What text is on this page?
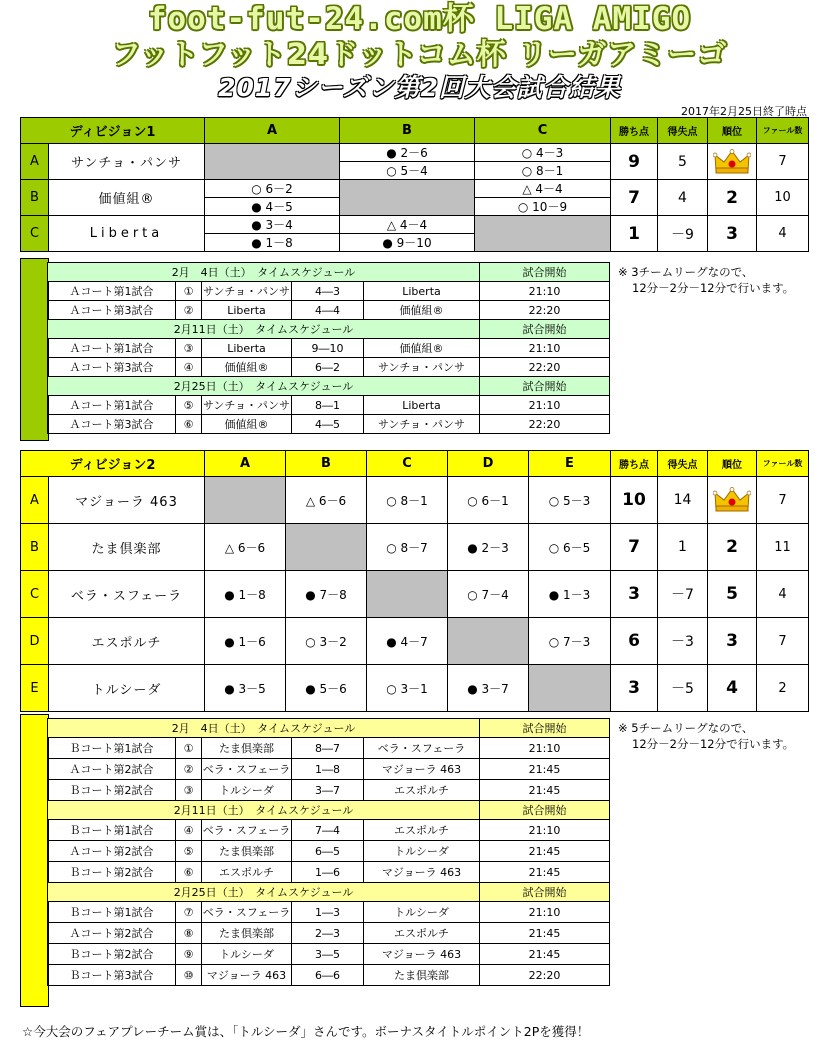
foot-fut-24.com杯 LIGA AMIGO
フットフット24ドットコム杯 リーガアミーゴ
2017シーズン第2回大会試合結果
2017年2月25日終了時点
ディビジョン1		A	B	C	勝ち点	得失点	順位	ファール数
A	サンチョ・パンサ		● 2－6	○ 4－3	9	5		7
			○ 5－4	○ 8－1				
B	価値組®	○ 6－2		△ 4－4	7	4	2	10
		● 4－5		○ 10－9				
C	Liberta	● 3－4	△ 4－4		1	－9	3	4
		● 1－8	● 9－10					
2月　4日（土）　タイムスケジュール					試合開始
Ａコート第1試合	①	サンチョ・パンサ	4―3	Liberta	21:10
Ａコート第3試合	②	Liberta	4―4	価値組®	22:20
2月11日（土）　タイムスケジュール					試合開始
Ａコート第1試合	③	Liberta	9―10	価値組®	21:10
Ａコート第3試合	④	価値組®	6―2	サンチョ・パンサ	22:20
2月25日（土）　タイムスケジュール					試合開始
Ａコート第1試合	⑤	サンチョ・パンサ	8―1	Liberta	21:10
Ａコート第3試合	⑥	価値組®	4―5	サンチョ・パンサ	22:20
※ 3チームリーグなので、
12分－2分－12分で行います。
ディビジョン2		A	B	C	D	E	勝ち点	得失点	順位	ファール数
A	マジョーラ 463		△ 6－6	○ 8－1	○ 6－1	○ 5－3	10	14		7
B	たま倶楽部	△ 6－6		○ 8－7	● 2－3	○ 6－5	7	1	2	11
C	ベラ・スフェーラ	● 1－8	● 7－8		○ 7－4	● 1－3	3	－7	5	4
D	エスポルチ	● 1－6	○ 3－2	● 4－7		○ 7－3	6	－3	3	7
E	トルシーダ	● 3－5	● 5－6	○ 3－1	● 3－7		3	－5	4	2
2月　4日（土）　タイムスケジュール					試合開始
Ｂコート第1試合	①	たま倶楽部	8―7	ベラ・スフェーラ	21:10
Ａコート第2試合	②	ベラ・スフェーラ	1―8	マジョーラ 463	21:45
Ｂコート第2試合	③	トルシーダ	3―7	エスポルチ	21:45
2月11日（土）　タイムスケジュール					試合開始
Ｂコート第1試合	④	ベラ・スフェーラ	7―4	エスポルチ	21:10
Ａコート第2試合	⑤	たま倶楽部	6―5	トルシーダ	21:45
Ｂコート第2試合	⑥	エスポルチ	1―6	マジョーラ 463	21:45
2月25日（土）　タイムスケジュール					試合開始
Ｂコート第1試合	⑦	ベラ・スフェーラ	1―3	トルシーダ	21:10
Ａコート第2試合	⑧	たま倶楽部	2―3	エスポルチ	21:45
Ｂコート第2試合	⑨	トルシーダ	3―5	マジョーラ 463	21:45
Ｂコート第3試合	⑩	マジョーラ 463	6―6	たま倶楽部	22:20
※ 5チームリーグなので、
12分－2分－12分で行います。
☆今大会のフェアプレーチーム賞は、「トルシーダ」さんです。ボーナスタイトルポイント2Pを獲得！
